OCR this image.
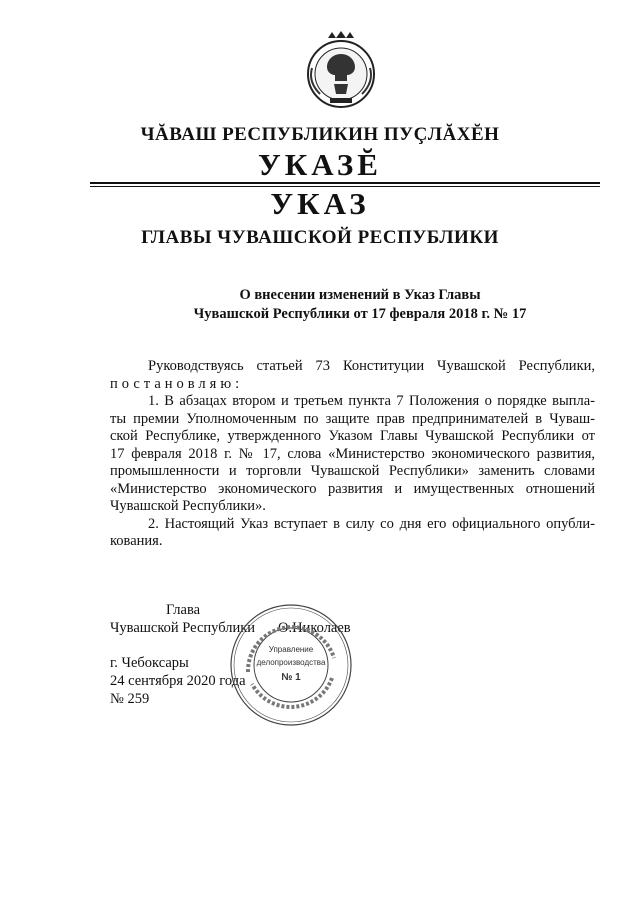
ЧĂВАШ РЕСПУБЛИКИН ПУÇЛĂХĔН
УКАЗĔ
УКАЗ
ГЛАВЫ ЧУВАШСКОЙ РЕСПУБЛИКИ
О внесении изменений в Указ Главы
Чувашской Республики от 17 февраля 2018 г. № 17
Руководствуясь статьей 73 Конституции Чувашской Республики,
постановляю:
1. В абзацах втором и третьем пункта 7 Положения о порядке выпла-
ты премии Уполномоченным по защите прав предпринимателей в Чуваш-
ской Республике, утвержденного Указом Главы Чувашской Республики от
17 февраля 2018 г. № 17, слова «Министерство экономического развития,
промышленности и торговли Чувашской Республики» заменить словами
«Министерство экономического развития и имущественных отношений
Чувашской Республики».
2. Настоящий Указ вступает в силу со дня его официального опубли-
кования.
Глава
Чувашской Республики О.Николаев
г. Чебоксары
24 сентября 2020 года
№ 259
Управление
делопроизводства
№ 1
